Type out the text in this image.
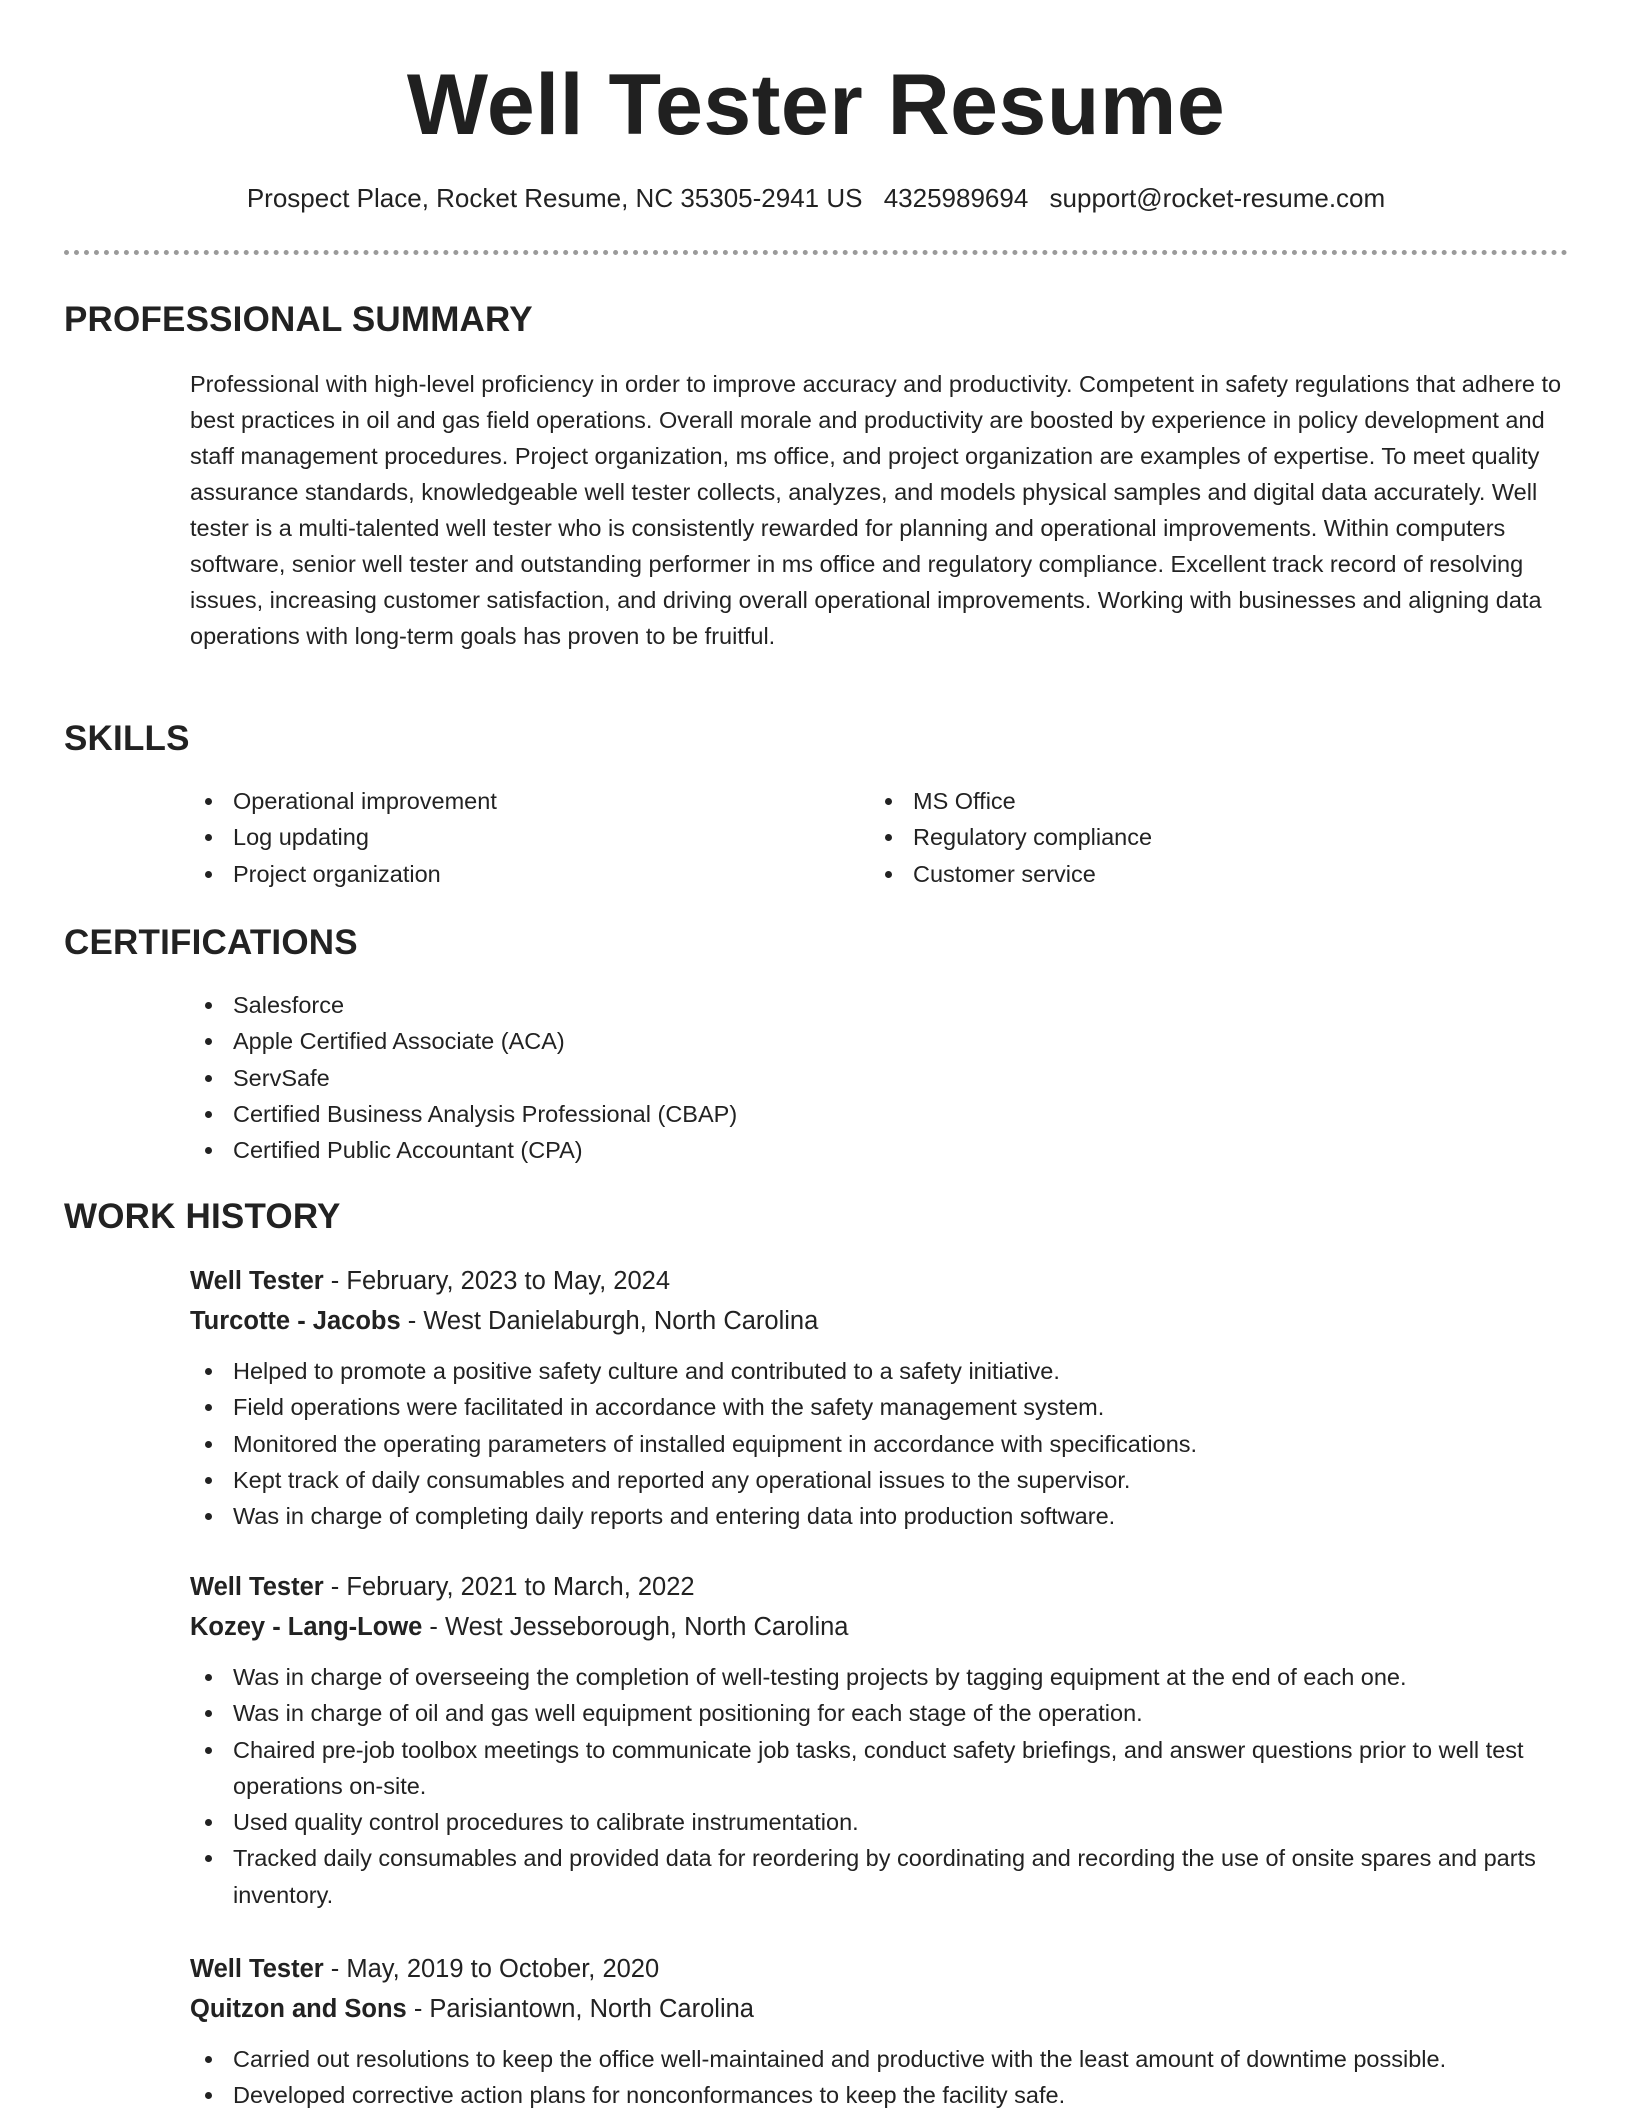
Well Tester Resume
Prospect Place, Rocket Resume, NC 35305-2941 US 4325989694 support@rocket-resume.com
PROFESSIONAL SUMMARY

Professional with high-level proficiency in order to improve accuracy and productivity. Competent in safety regulations that adhere to best practices in oil and gas field operations. Overall morale and productivity are boosted by experience in policy development and staff management procedures. Project organization, ms office, and project organization are examples of expertise. To meet quality assurance standards, knowledgeable well tester collects, analyzes, and models physical samples and digital data accurately. Well tester is a multi-talented well tester who is consistently rewarded for planning and operational improvements. Within computers software, senior well tester and outstanding performer in ms office and regulatory compliance. Excellent track record of resolving issues, increasing customer satisfaction, and driving overall operational improvements. Working with businesses and aligning data operations with long-term goals has proven to be fruitful.

SKILLS
Operational improvement
Log updating
Project organization
MS Office
Regulatory compliance
Customer service
CERTIFICATIONS
Salesforce
Apple Certified Associate (ACA)
ServSafe
Certified Business Analysis Professional (CBAP)
Certified Public Accountant (CPA)
WORK HISTORY
Well Tester - February, 2023 to May, 2024
Turcotte - Jacobs - West Danielaburgh, North Carolina
Helped to promote a positive safety culture and contributed to a safety initiative.
Field operations were facilitated in accordance with the safety management system.
Monitored the operating parameters of installed equipment in accordance with specifications.
Kept track of daily consumables and reported any operational issues to the supervisor.
Was in charge of completing daily reports and entering data into production software.
Well Tester - February, 2021 to March, 2022
Kozey - Lang-Lowe - West Jesseborough, North Carolina
Was in charge of overseeing the completion of well-testing projects by tagging equipment at the end of each one.
Was in charge of oil and gas well equipment positioning for each stage of the operation.
Chaired pre-job toolbox meetings to communicate job tasks, conduct safety briefings, and answer questions prior to well test operations on-site.
Used quality control procedures to calibrate instrumentation.
Tracked daily consumables and provided data for reordering by coordinating and recording the use of onsite spares and parts inventory.
Well Tester - May, 2019 to October, 2020
Quitzon and Sons - Parisiantown, North Carolina
Carried out resolutions to keep the office well-maintained and productive with the least amount of downtime possible.
Developed corrective action plans for nonconformances to keep the facility safe.
